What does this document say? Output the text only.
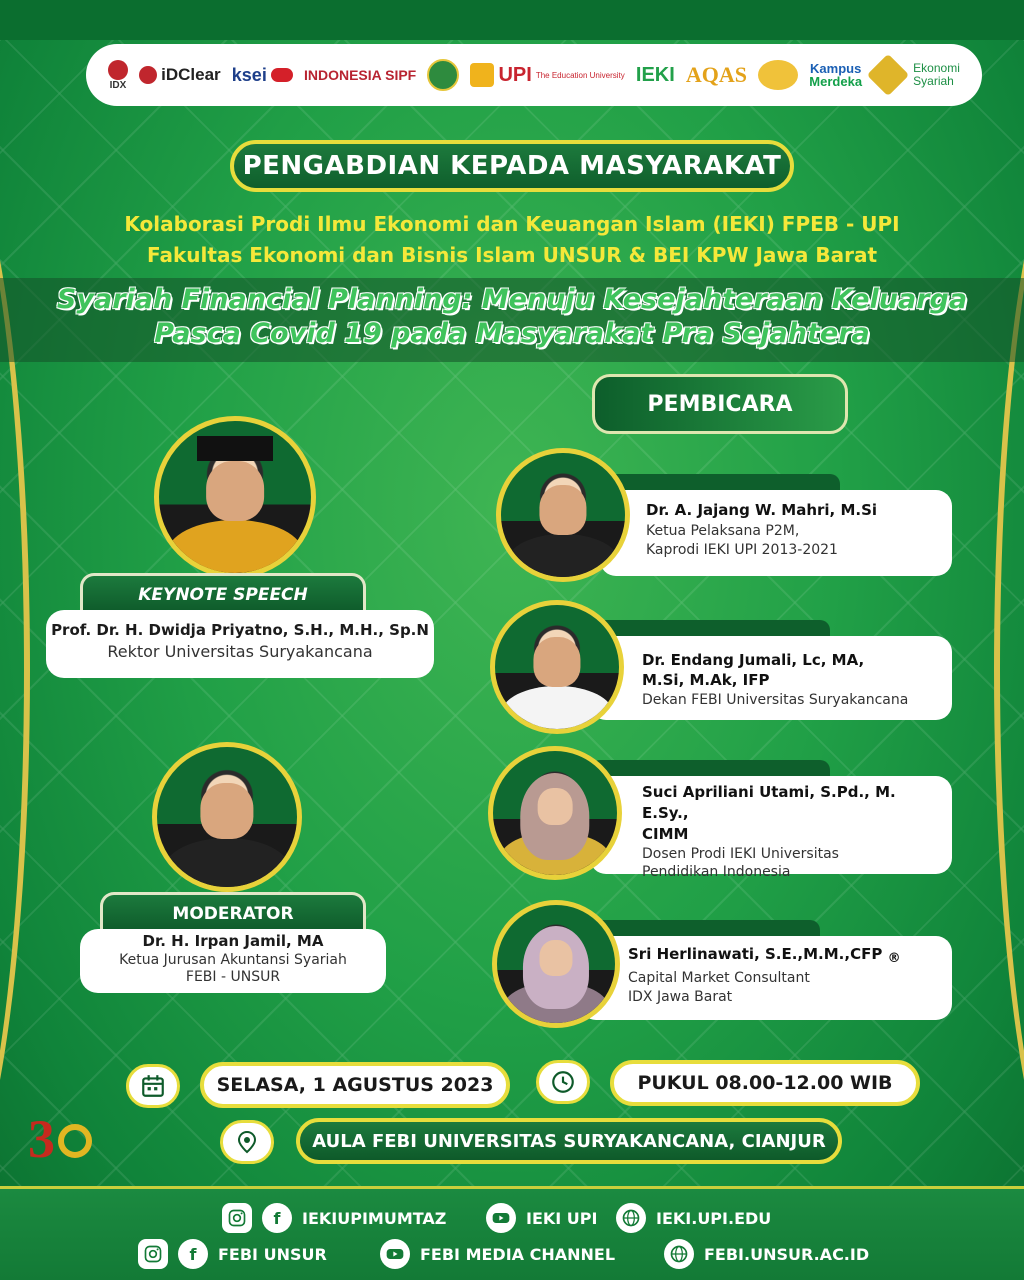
IDX
iDClear ksei	INDONESIA SIPF	UPI The Education University IEKI AQAS	Kampus
Merdeka
Ekonomi
Syariah
PENGABDIAN KEPADA MASYARAKAT
Kolaborasi Prodi Ilmu Ekonomi dan Keuangan Islam (IEKI) FPEB - UPI
Fakultas Ekonomi dan Bisnis Islam UNSUR & BEI KPW Jawa Barat
Syariah Financial Planning: Menuju Kesejahteraan Keluarga
Pasca Covid 19 pada Masyarakat Pra Sejahtera
KEYNOTE SPEECH
Prof. Dr. H. Dwidja Priyatno, S.H., M.H., Sp.N
Rektor Universitas Suryakancana
MODERATOR
Dr. H. Irpan Jamil, MA
Ketua Jurusan Akuntansi Syariah
FEBI - UNSUR
PEMBICARA
Dr. A. Jajang W. Mahri, M.Si
Ketua Pelaksana P2M,
Kaprodi IEKI UPI 2013-2021
Dr. Endang Jumali, Lc, MA,
M.Si, M.Ak, IFP
Dekan FEBI Universitas Suryakancana
Suci Apriliani Utami, S.Pd., M. E.Sy.,
CIMM
Dosen Prodi IEKI Universitas
Pendidikan Indonesia
Sri Herlinawati, S.E.,M.M.,CFP ®
Capital Market Consultant
IDX Jawa Barat
SELASA, 1 AGUSTUS 2023	PUKUL 08.00-12.00 WIB
AULA FEBI UNIVERSITAS SURYAKANCANA, CIANJUR
3
f	IEKIUPIMUMTAZ	IEKI UPI	IEKI.UPI.EDU
f	FEBI UNSUR	FEBI MEDIA CHANNEL	FEBI.UNSUR.AC.ID
